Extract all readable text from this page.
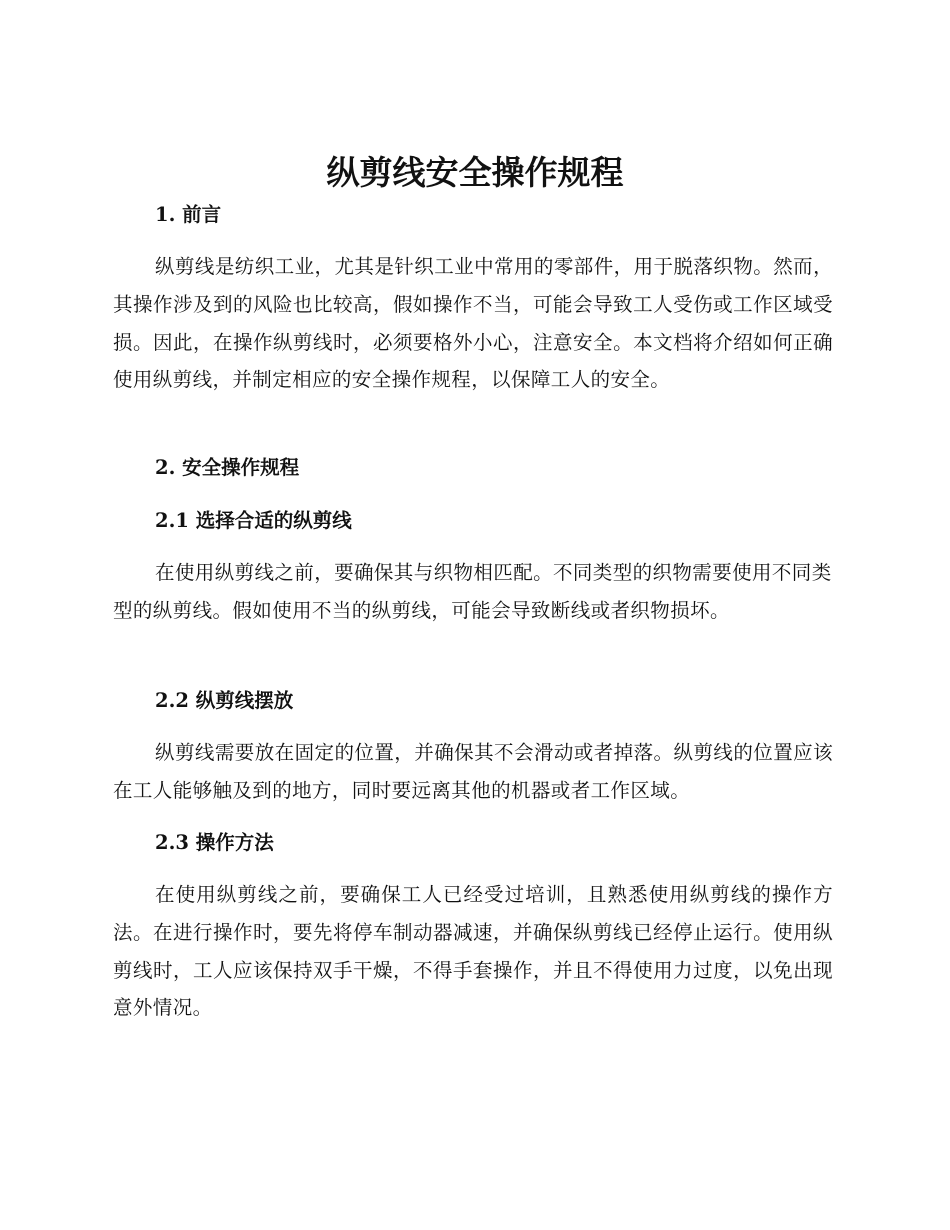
纵剪线安全操作规程
1. 前言

纵剪线是纺织工业，尤其是针织工业中常用的零部件，用于脱落织物。然而，其操作涉及到的风险也比较高，假如操作不当，可能会导致工人受伤或工作区域受损。因此，在操作纵剪线时，必须要格外小心，注意安全。本文档将介绍如何正确使用纵剪线，并制定相应的安全操作规程，以保障工人的安全。

2. 安全操作规程
2.1 选择合适的纵剪线

在使用纵剪线之前，要确保其与织物相匹配。不同类型的织物需要使用不同类型的纵剪线。假如使用不当的纵剪线，可能会导致断线或者织物损坏。

2.2 纵剪线摆放

纵剪线需要放在固定的位置，并确保其不会滑动或者掉落。纵剪线的位置应该在工人能够触及到的地方，同时要远离其他的机器或者工作区域。

2.3 操作方法

在使用纵剪线之前，要确保工人已经受过培训，且熟悉使用纵剪线的操作方法。在进行操作时，要先将停车制动器减速，并确保纵剪线已经停止运行。使用纵剪线时，工人应该保持双手干燥，不得手套操作，并且不得使用力过度，以免出现意外情况。
